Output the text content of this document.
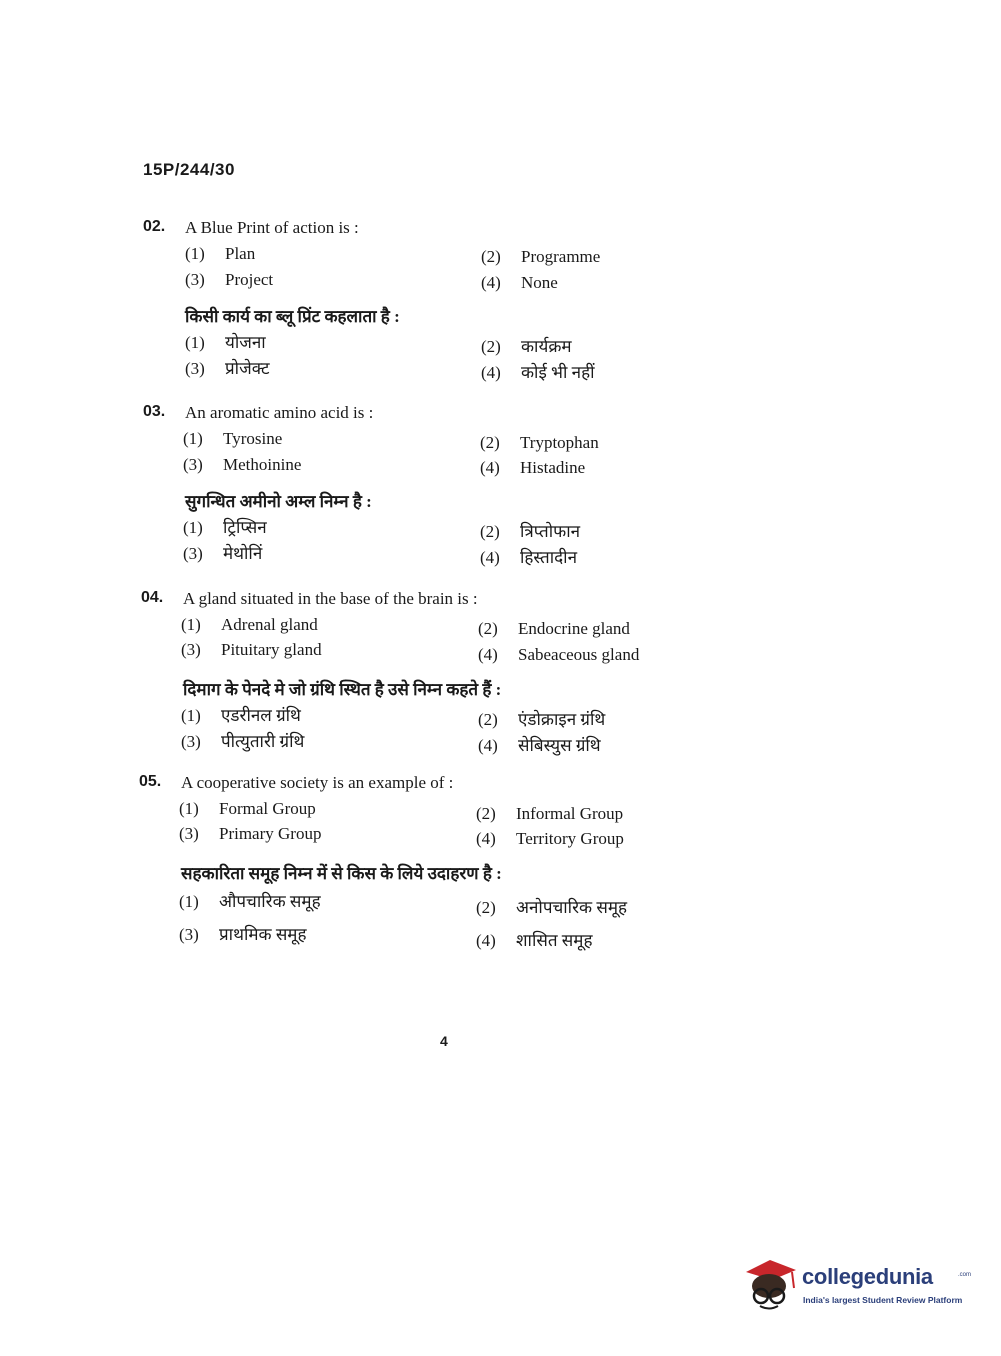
15P/244/30
02. A Blue Print of action is :
(1) Plan	(2) Programme
(3) Project	(4) None
किसी कार्य का ब्लू प्रिंट कहलाता है :
(1) योजना	(2) कार्यक्रम
(3) प्रोजेक्ट	(4) कोई भी नहीं
03. An aromatic amino acid is :
(1) Tyrosine	(2) Tryptophan
(3) Methoinine	(4) Histadine
सुगन्धित अमीनो अम्ल निम्न है :
(1) ट्रिप्सिन	(2) त्रिप्तोफान
(3) मेथोनिं	(4) हिस्तादीन
04. A gland situated in the base of the brain is :
(1) Adrenal gland	(2) Endocrine gland
(3) Pituitary gland	(4) Sabeaceous gland
दिमाग के पेनदे मे जो ग्रंथि स्थित है उसे निम्न कहते हैं :
(1) एडरीनल ग्रंथि	(2) एंडोक्राइन ग्रंथि
(3) पीत्युतारी ग्रंथि	(4) सेबिस्युस ग्रंथि
05. A cooperative society is an example of :
(1) Formal Group	(2) Informal Group
(3) Primary Group	(4) Territory Group
सहकारिता समूह निम्न में से किस के लिये उदाहरण है :
(1) औपचारिक समूह	(2) अनोपचारिक समूह
(3) प्राथमिक समूह	(4) शासित समूह
4
collegedunia	.com
India's largest Student Review Platform
